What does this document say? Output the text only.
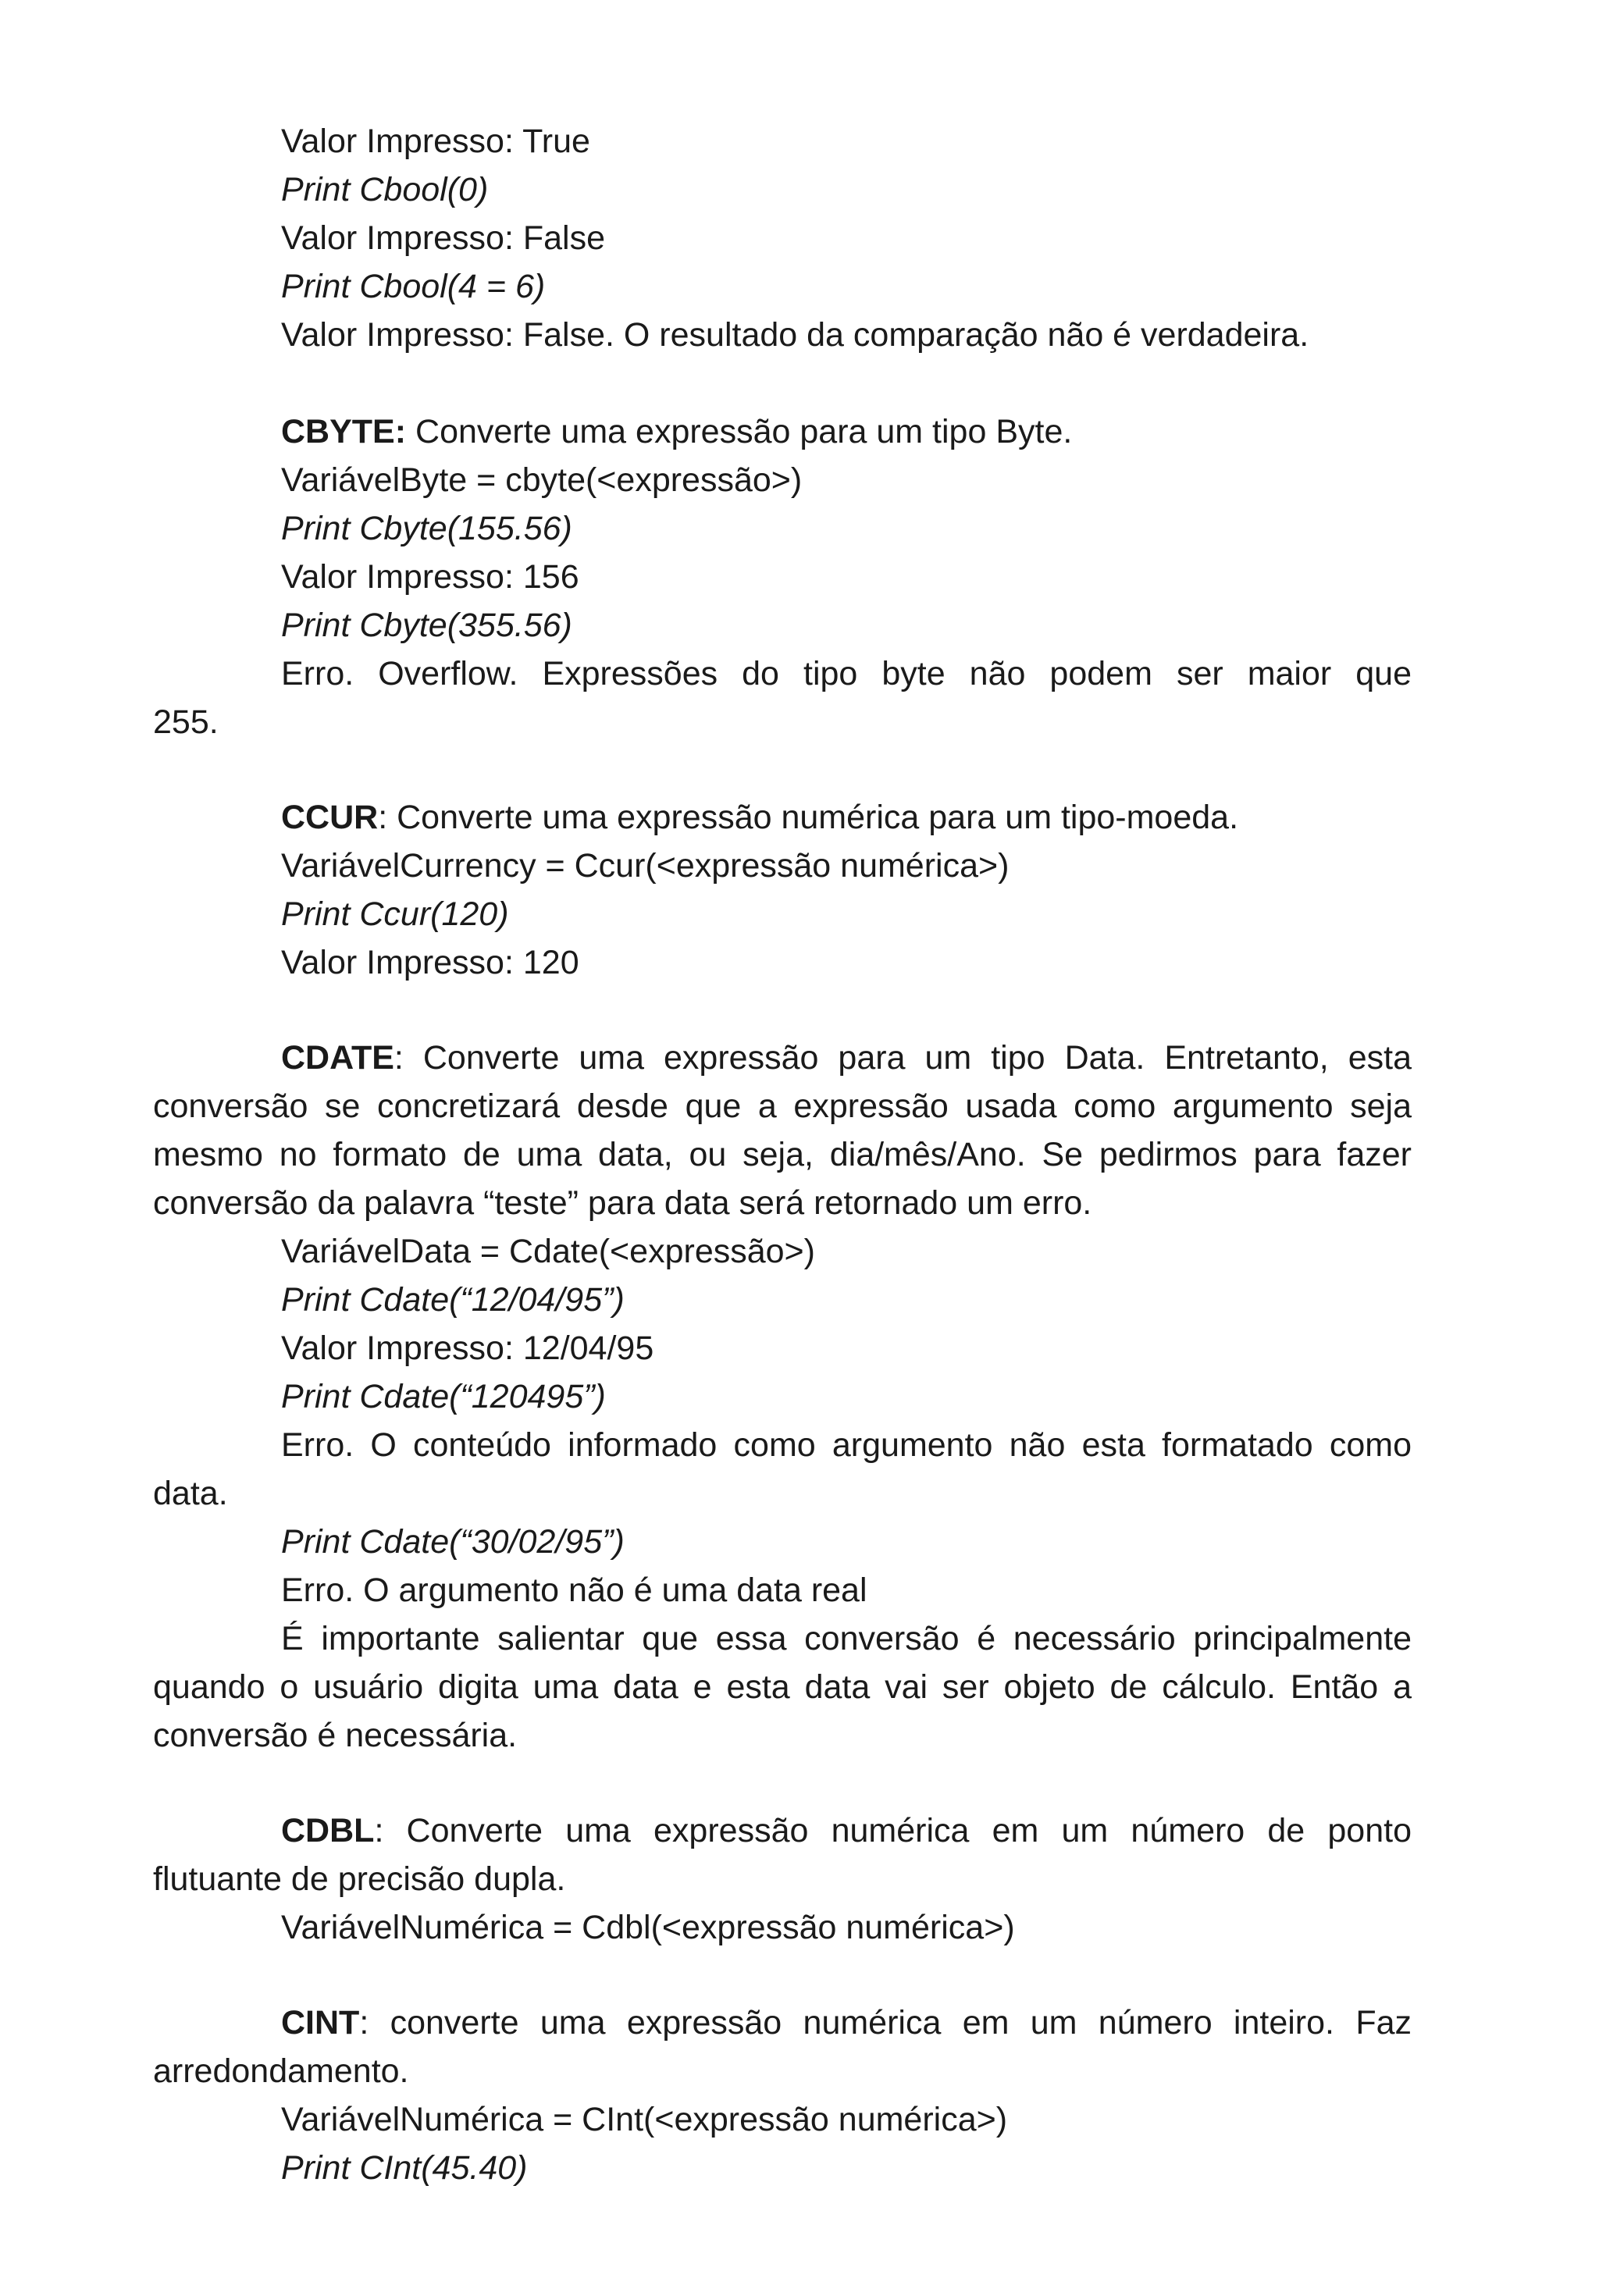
Valor Impresso: True
Print Cbool(0)
Valor Impresso: False
Print Cbool(4 = 6)
Valor Impresso: False. O resultado da comparação não é verdadeira.
CBYTE: Converte uma expressão para um tipo Byte.
VariávelByte = cbyte(<expressão>)
Print Cbyte(155.56)
Valor Impresso: 156
Print Cbyte(355.56)
Erro. Overflow. Expressões do tipo byte não podem ser maior que
255.
CCUR: Converte uma expressão numérica para um tipo-moeda.
VariávelCurrency = Ccur(<expressão numérica>)
Print Ccur(120)
Valor Impresso: 120
CDATE: Converte uma expressão para um tipo Data. Entretanto, esta conversão se concretizará desde que a expressão usada como argumento seja mesmo no formato de uma data, ou seja, dia/mês/Ano. Se pedirmos para fazer conversão da palavra “teste” para data será retornado um erro.
VariávelData = Cdate(<expressão>)
Print Cdate(“12/04/95”)
Valor Impresso: 12/04/95
Print Cdate(“120495”)
Erro. O conteúdo informado como argumento não esta formatado como data.
Print Cdate(“30/02/95”)
Erro. O argumento não é uma data real
É importante salientar que essa conversão é necessário principalmente quando o usuário digita uma data e esta data vai ser objeto de cálculo. Então a conversão é necessária.
CDBL: Converte uma expressão numérica em um número de ponto flutuante de precisão dupla.
VariávelNumérica = Cdbl(<expressão numérica>)
CINT: converte uma expressão numérica em um número inteiro. Faz arredondamento.
VariávelNumérica = CInt(<expressão numérica>)
Print CInt(45.40)
